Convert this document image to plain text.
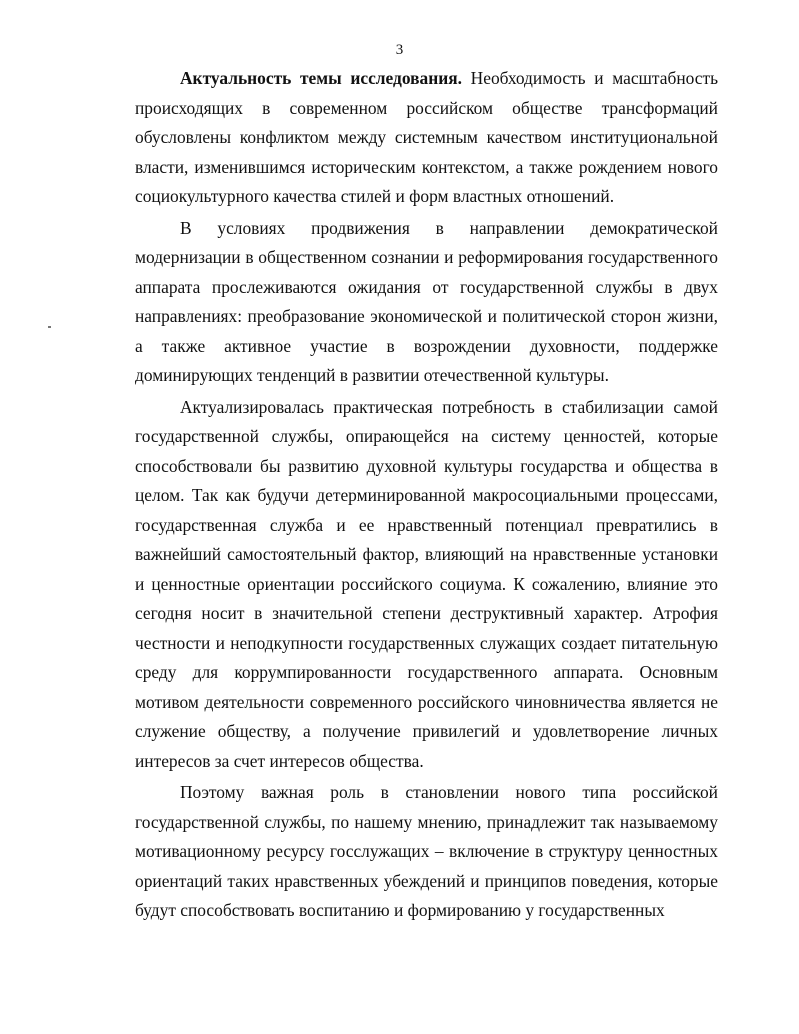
3

Актуальность темы исследования. Необходимость и масштабность происходящих в современном российском обществе трансформаций обусловлены конфликтом между системным качеством институциональной власти, изменившимся историческим контекстом, а также рождением нового социокультурного качества стилей и форм властных отношений.

В условиях продвижения в направлении демократической модернизации в общественном сознании и реформирования государственного аппарата прослеживаются ожидания от государственной службы в двух направлениях: преобразование экономической и политической сторон жизни, а также активное участие в возрождении духовности, поддержке доминирующих тенденций в развитии отечественной культуры.

Актуализировалась практическая потребность в стабилизации самой государственной службы, опирающейся на систему ценностей, которые способствовали бы развитию духовной культуры государства и общества в целом. Так как будучи детерминированной макросоциальными процессами, государственная служба и ее нравственный потенциал превратились в важнейший самостоятельный фактор, влияющий на нравственные установки и ценностные ориентации российского социума. К сожалению, влияние это сегодня носит в значительной степени деструктивный характер. Атрофия честности и неподкупности государственных служащих создает питательную среду для коррумпированности государственного аппарата. Основным мотивом деятельности современного российского чиновничества является не служение обществу, а получение привилегий и удовлетворение личных интересов за счет интересов общества.

Поэтому важная роль в становлении нового типа российской государственной службы, по нашему мнению, принадлежит так называемому мотивационному ресурсу госслужащих – включение в структуру ценностных ориентаций таких нравственных убеждений и принципов поведения, которые будут способствовать воспитанию и формированию у государственных
